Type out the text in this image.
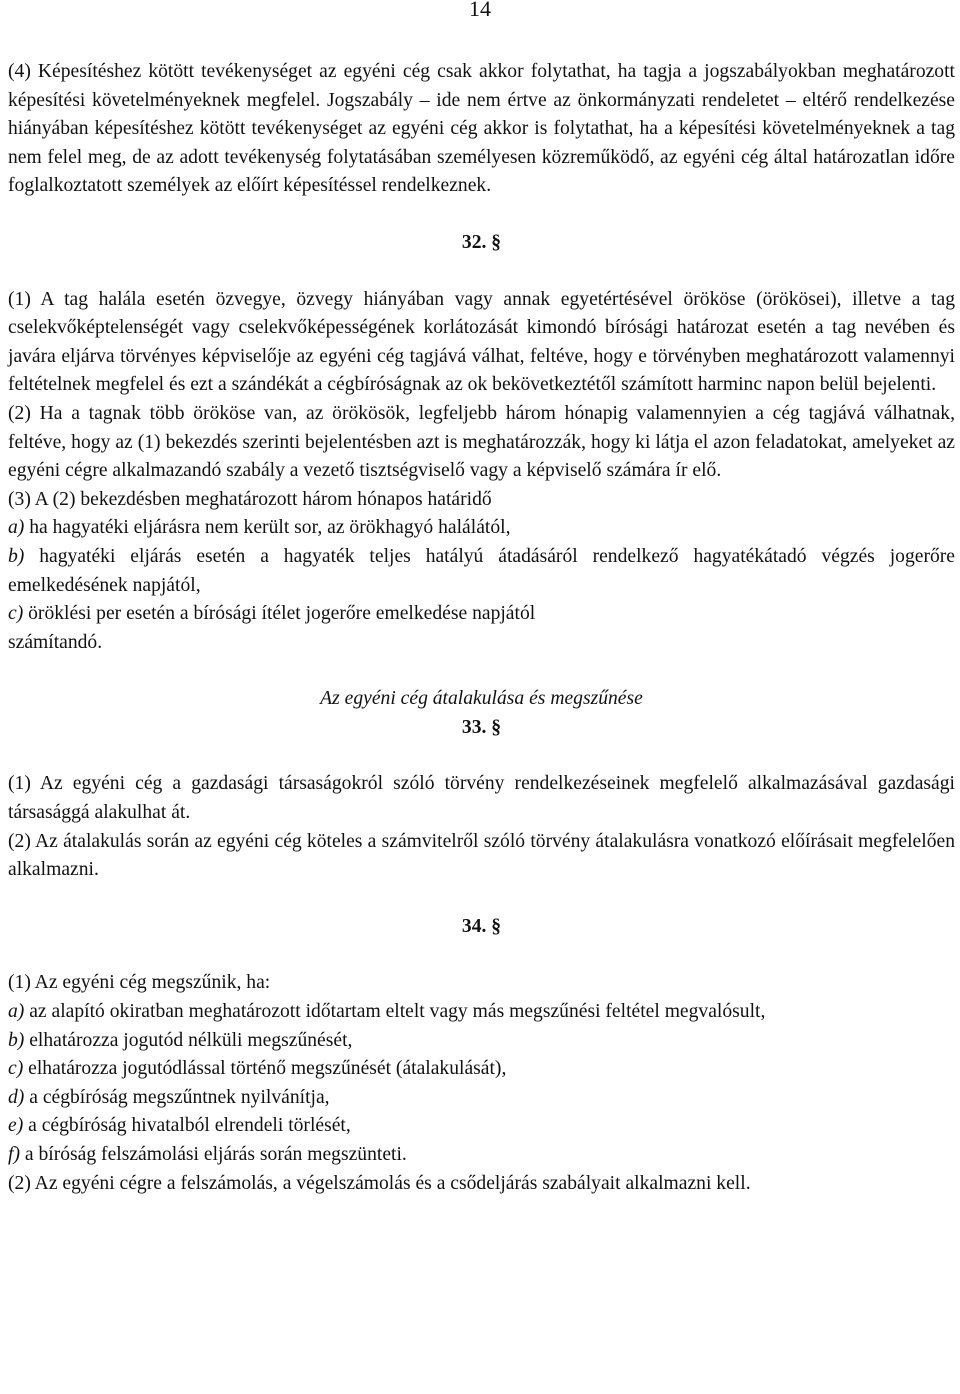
14

(4) Képesítéshez kötött tevékenységet az egyéni cég csak akkor folytathat, ha tagja a jogszabályokban meghatározott képesítési követelményeknek megfelel. Jogszabály – ide nem értve az önkormányzati rendeletet – eltérő rendelkezése hiányában képesítéshez kötött tevékenységet az egyéni cég akkor is folytathat, ha a képesítési követelményeknek a tag nem felel meg, de az adott tevékenység folytatásában személyesen közreműködő, az egyéni cég által határozatlan időre foglalkoztatott személyek az előírt képesítéssel rendelkeznek.

32. §

(1) A tag halála esetén özvegye, özvegy hiányában vagy annak egyetértésével örököse (örökösei), illetve a tag cselekvőképtelenségét vagy cselekvőképességének korlátozását kimondó bírósági határozat esetén a tag nevében és javára eljárva törvényes képviselője az egyéni cég tagjává válhat, feltéve, hogy e törvényben meghatározott valamennyi feltételnek megfelel és ezt a szándékát a cégbíróságnak az ok bekövetkeztétől számított harminc napon belül bejelenti.

(2) Ha a tagnak több örököse van, az örökösök, legfeljebb három hónapig valamennyien a cég tagjává válhatnak, feltéve, hogy az (1) bekezdés szerinti bejelentésben azt is meghatározzák, hogy ki látja el azon feladatokat, amelyeket az egyéni cégre alkalmazandó szabály a vezető tisztségviselő vagy a képviselő számára ír elő.

(3) A (2) bekezdésben meghatározott három hónapos határidő

a) ha hagyatéki eljárásra nem került sor, az örökhagyó halálától,

b) hagyatéki eljárás esetén a hagyaték teljes hatályú átadásáról rendelkező hagyatékátadó végzés jogerőre emelkedésének napjától,

c) öröklési per esetén a bírósági ítélet jogerőre emelkedése napjától

számítandó.

Az egyéni cég átalakulása és megszűnése

33. §

(1) Az egyéni cég a gazdasági társaságokról szóló törvény rendelkezéseinek megfelelő alkalmazásával gazdasági társasággá alakulhat át.

(2) Az átalakulás során az egyéni cég köteles a számvitelről szóló törvény átalakulásra vonatkozó előírásait megfelelően alkalmazni.

34. §

(1) Az egyéni cég megszűnik, ha:

a) az alapító okiratban meghatározott időtartam eltelt vagy más megszűnési feltétel megvalósult,

b) elhatározza jogutód nélküli megszűnését,

c) elhatározza jogutódlással történő megszűnését (átalakulását),

d) a cégbíróság megszűntnek nyilvánítja,

e) a cégbíróság hivatalból elrendeli törlését,

f) a bíróság felszámolási eljárás során megszünteti.

(2) Az egyéni cégre a felszámolás, a végelszámolás és a csődeljárás szabályait alkalmazni kell.
